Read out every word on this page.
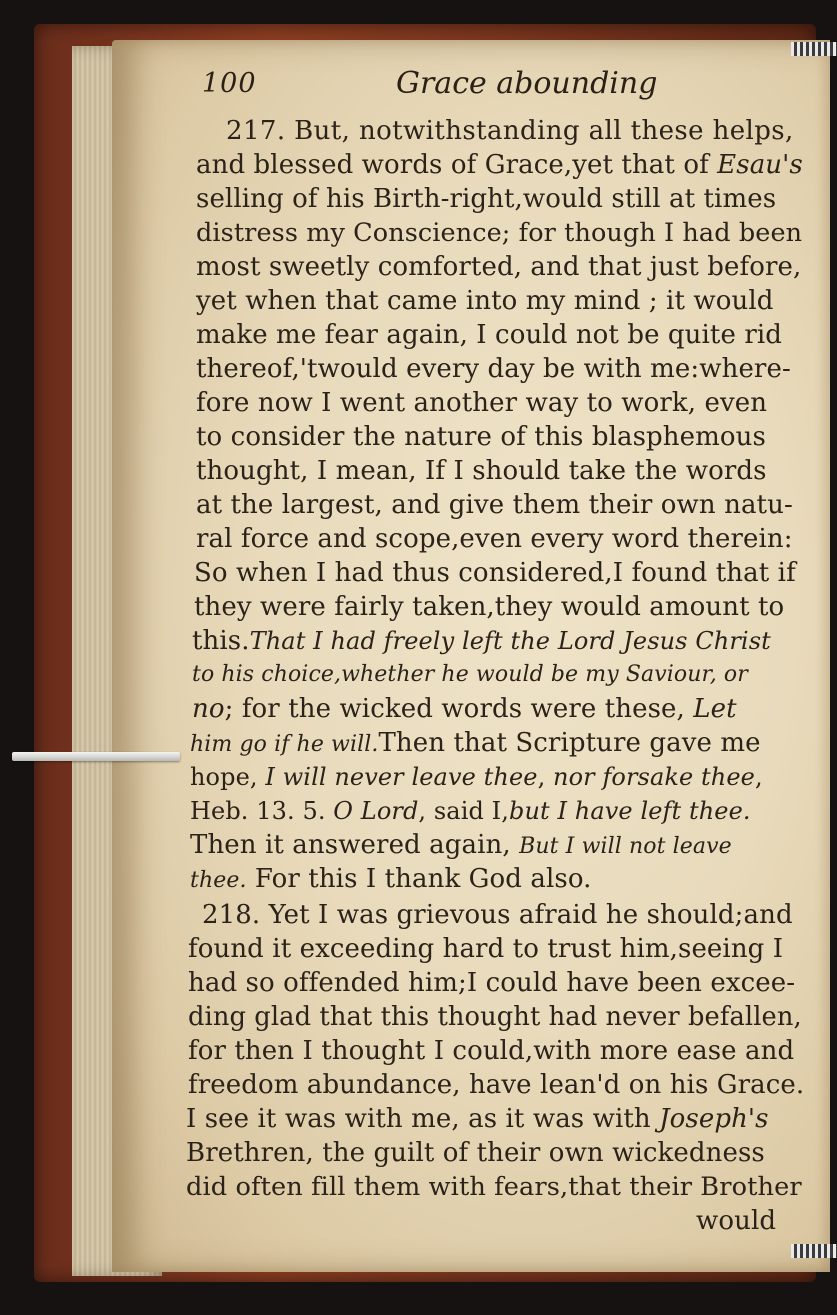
100	Grace abounding
217. But, notwithstanding all these helps,
and blessed words of Grace,yet that of Esau's
selling of his Birth-right,would still at times
distress my Conscience; for though I had been
most sweetly comforted, and that just before,
yet when that came into my mind ; it would
make me fear again, I could not be quite rid
thereof,'twould every day be with me:where-
fore now I went another way to work, even
to consider the nature of this blasphemous
thought, I mean, If I should take the words
at the largest, and give them their own natu-
ral force and scope,even every word therein:
So when I had thus considered,I found that if
they were fairly taken,they would amount to
this.That I had freely left the Lord Jesus Christ
to his choice,whether he would be my Saviour, or
no; for the wicked words were these, Let
him go if he will.Then that Scripture gave me
hope, I will never leave thee, nor forsake thee,
Heb. 13. 5. O Lord, said I,but I have left thee.
Then it answered again, But I will not leave
thee. For this I thank God also.
218. Yet I was grievous afraid he should;and
found it exceeding hard to trust him,seeing I
had so offended him;I could have been excee-
ding glad that this thought had never befallen,
for then I thought I could,with more ease and
freedom abundance, have lean'd on his Grace.
I see it was with me, as it was with Joseph's
Brethren, the guilt of their own wickedness
did often fill them with fears,that their Brother
would
